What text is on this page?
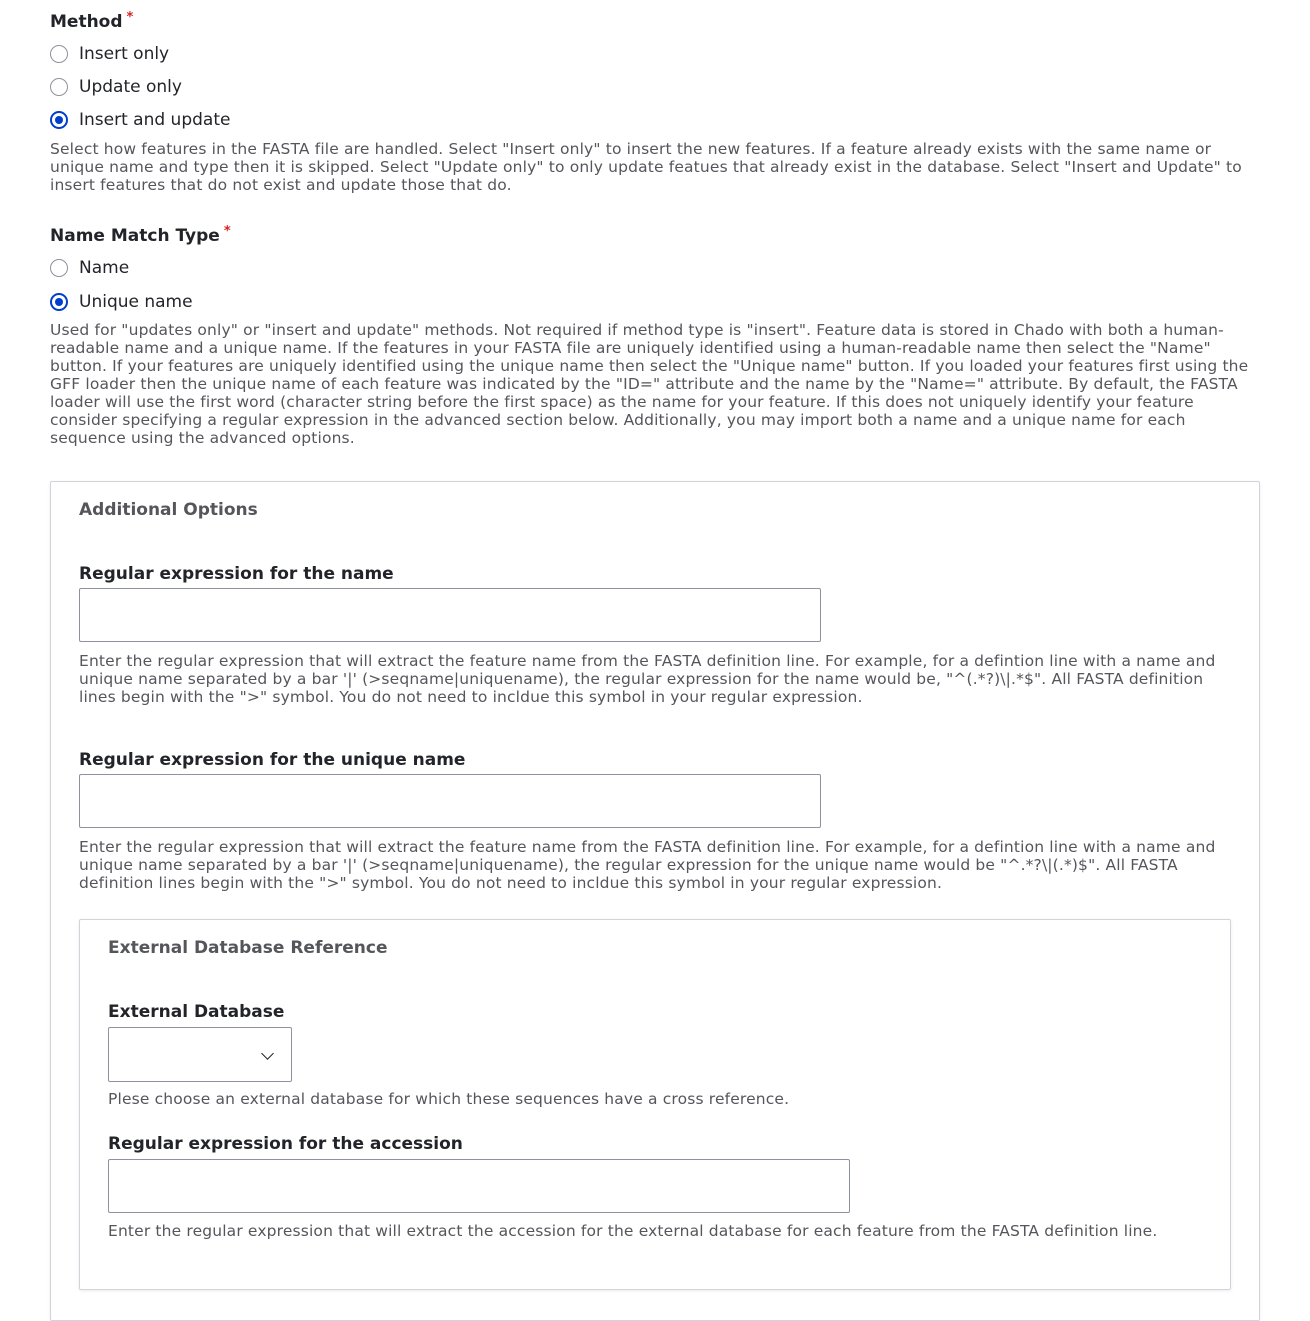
Method *
Insert only
Update only
Insert and update
Select how features in the FASTA file are handled. Select "Insert only" to insert the new features. If a feature already exists with the same name or unique name and type then it is skipped. Select "Update only" to only update featues that already exist in the database. Select "Insert and Update" to insert features that do not exist and update those that do.
Name Match Type *
Name
Unique name
Used for "updates only" or "insert and update" methods. Not required if method type is "insert". Feature data is stored in Chado with both a human-readable name and a unique name. If the features in your FASTA file are uniquely identified using a human-readable name then select the "Name" button. If your features are uniquely identified using the unique name then select the "Unique name" button. If you loaded your features first using the GFF loader then the unique name of each feature was indicated by the "ID=" attribute and the name by the "Name=" attribute. By default, the FASTA loader will use the first word (character string before the first space) as the name for your feature. If this does not uniquely identify your feature consider specifying a regular expression in the advanced section below. Additionally, you may import both a name and a unique name for each sequence using the advanced options.
Additional Options
Regular expression for the name
Enter the regular expression that will extract the feature name from the FASTA definition line. For example, for a defintion line with a name and unique name separated by a bar '|' (>seqname|uniquename), the regular expression for the name would be, "^(.*?)\|.*$". All FASTA definition lines begin with the ">" symbol. You do not need to incldue this symbol in your regular expression.
Regular expression for the unique name
Enter the regular expression that will extract the feature name from the FASTA definition line. For example, for a defintion line with a name and unique name separated by a bar '|' (>seqname|uniquename), the regular expression for the unique name would be "^.*?\|(.*)$". All FASTA definition lines begin with the ">" symbol. You do not need to incldue this symbol in your regular expression.
External Database Reference
External Database
Plese choose an external database for which these sequences have a cross reference.
Regular expression for the accession
Enter the regular expression that will extract the accession for the external database for each feature from the FASTA definition line.
